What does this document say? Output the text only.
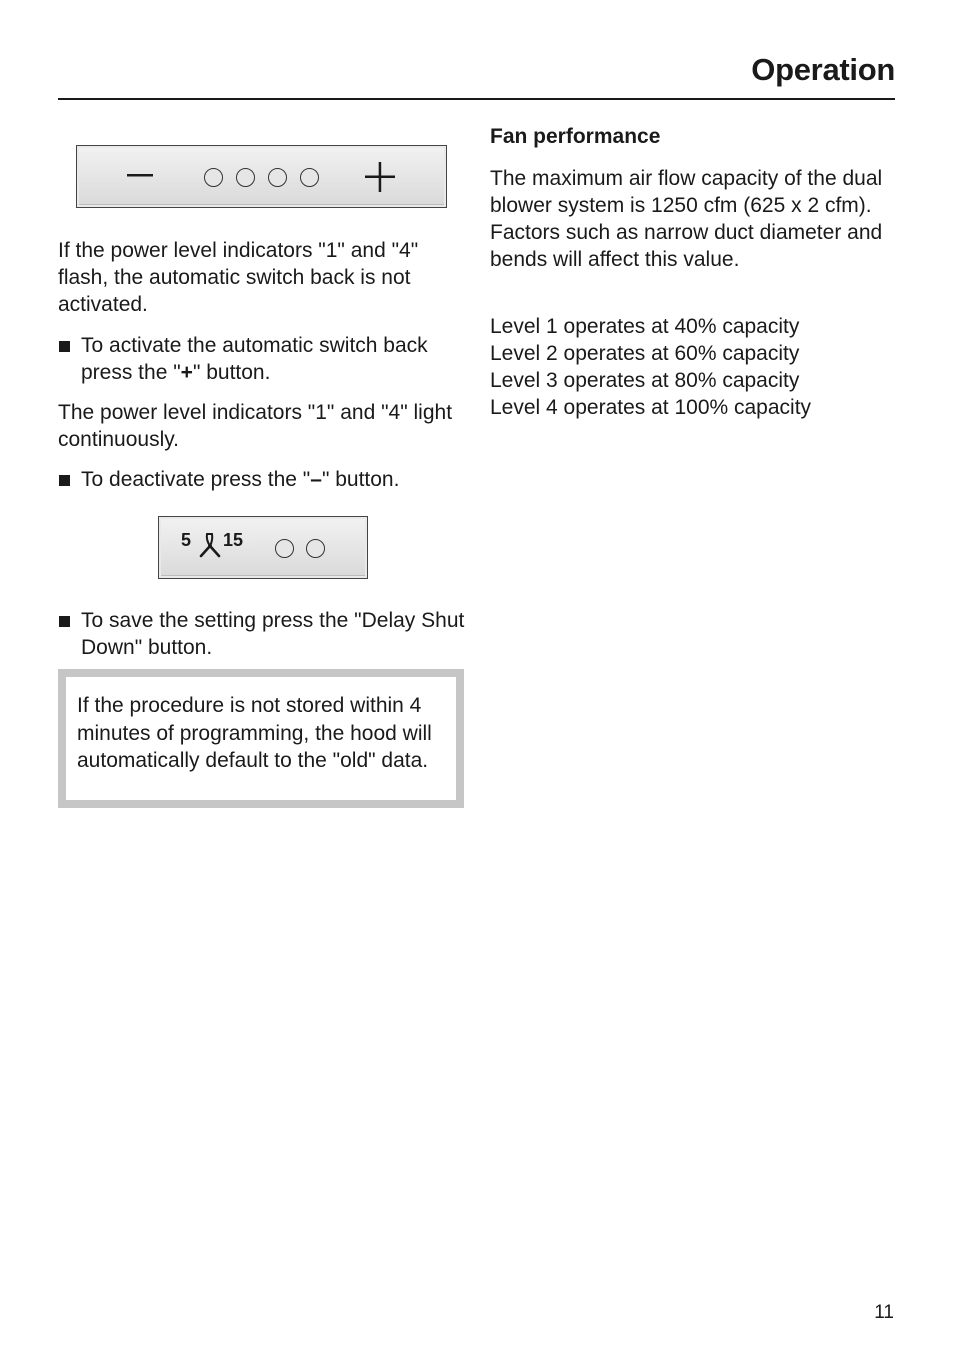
Operation

If the power level indicators "1" and "4" flash, the automatic switch back is not activated.

To activate the automatic switch back press the "+" button.

The power level indicators "1" and "4" light continuously.

To deactivate press the "–" button.
5 15
To save the setting press the "Delay Shut Down" button.
If the procedure is not stored within 4 minutes of programming, the hood will automatically default to the "old" data.
Fan performance

The maximum air flow capacity of the dual blower system is 1250 cfm (625 x 2 cfm). Factors such as narrow duct diameter and bends will affect this value.

Level 1 operates at 40% capacity
Level 2 operates at 60% capacity
Level 3 operates at 80% capacity
Level 4 operates at 100% capacity
11
